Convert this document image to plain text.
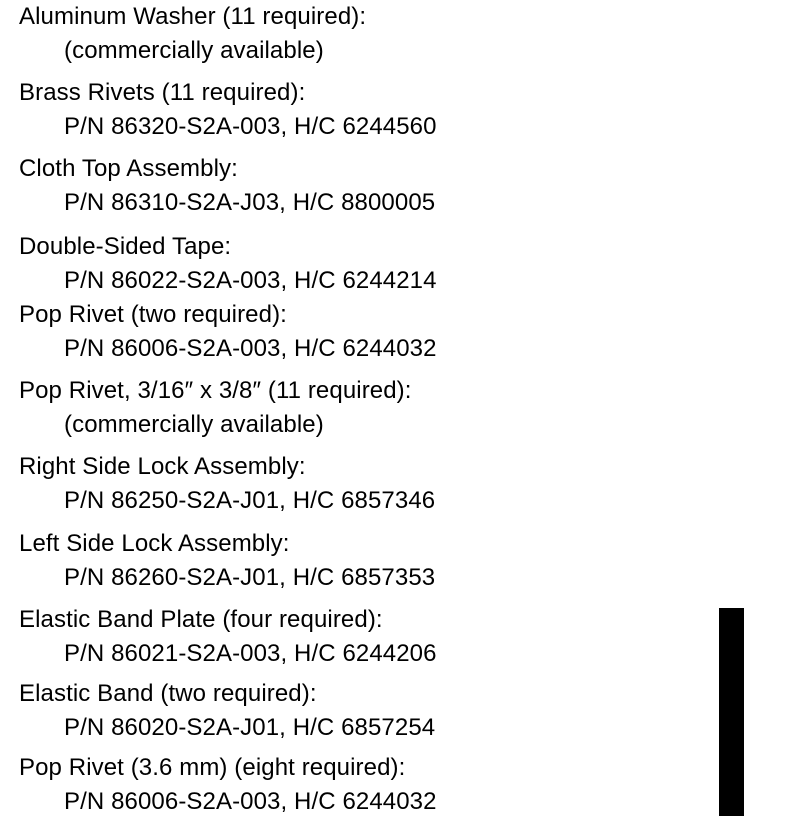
Aluminum Washer (11 required):
(commercially available)
Brass Rivets (11 required):
P/N 86320-S2A-003, H/C 6244560
Cloth Top Assembly:
P/N 86310-S2A-J03, H/C 8800005
Double-Sided Tape:
P/N 86022-S2A-003, H/C 6244214
Pop Rivet (two required):
P/N 86006-S2A-003, H/C 6244032
Pop Rivet, 3/16″ x 3/8″ (11 required):
(commercially available)
Right Side Lock Assembly:
P/N 86250-S2A-J01, H/C 6857346
Left Side Lock Assembly:
P/N 86260-S2A-J01, H/C 6857353
Elastic Band Plate (four required):
P/N 86021-S2A-003, H/C 6244206
Elastic Band (two required):
P/N 86020-S2A-J01, H/C 6857254
Pop Rivet (3.6 mm) (eight required):
P/N 86006-S2A-003, H/C 6244032
